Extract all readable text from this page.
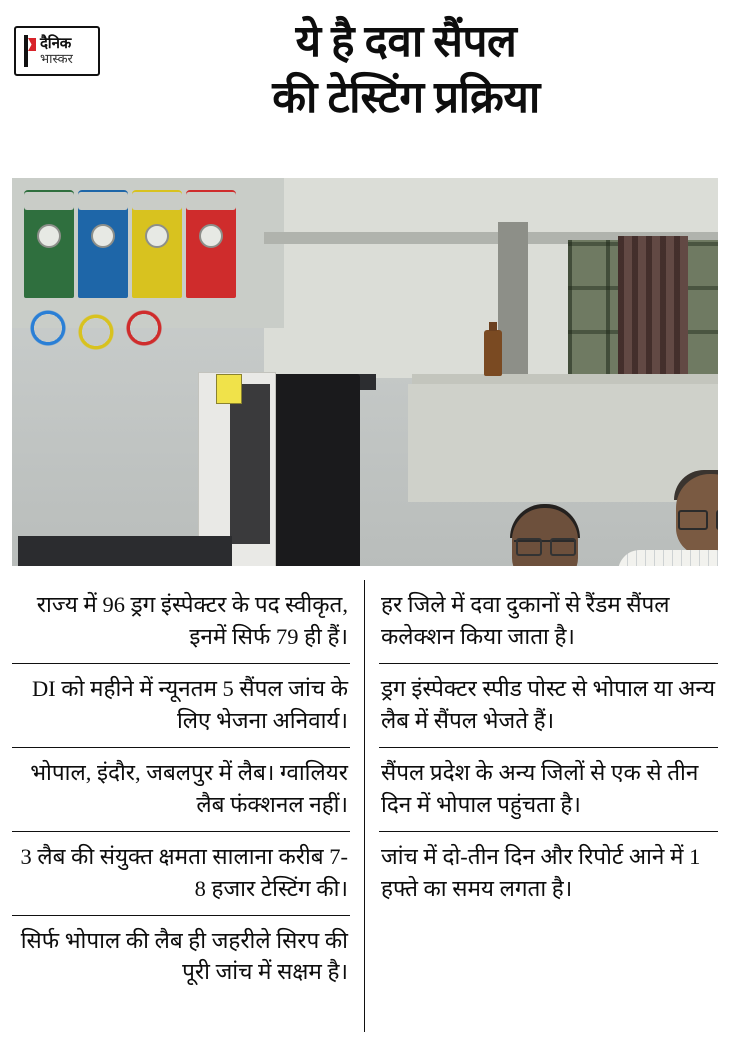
दैनिक
भास्कर	ये है दवा सैंपल
की टेस्टिंग प्रक्रिया
राज्य में 96 ड्रग इंस्पेक्टर के पद स्वीकृत, इनमें सिर्फ 79 ही हैं।
DI को महीने में न्यूनतम 5 सैंपल जांच के लिए भेजना अनिवार्य।
भोपाल, इंदौर, जबलपुर में लैब। ग्वालियर लैब फंक्शनल नहीं।
3 लैब की संयुक्त क्षमता सालाना करीब 7-8 हजार टेस्टिंग की।
सिर्फ भोपाल की लैब ही जहरीले सिरप की पूरी जांच में सक्षम है।
हर जिले में दवा दुकानों से रैंडम सैंपल कलेक्शन किया जाता है।
ड्रग इंस्पेक्टर स्पीड पोस्ट से भोपाल या अन्य लैब में सैंपल भेजते हैं।
सैंपल प्रदेश के अन्य जिलों से एक से तीन दिन में भोपाल पहुंचता है।
जांच में दो-तीन दिन और रिपोर्ट आने में 1 हफ्ते का समय लगता है।
